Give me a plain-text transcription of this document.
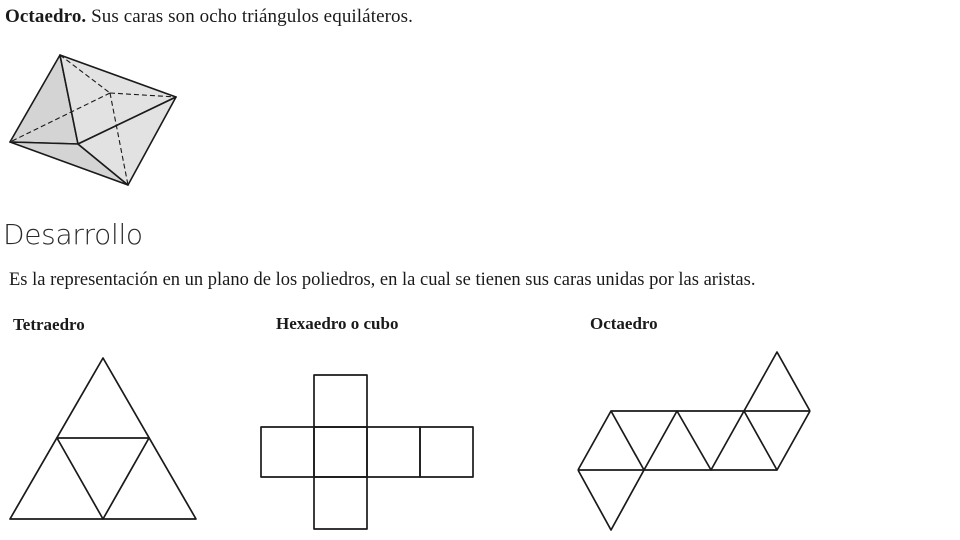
Octaedro. Sus caras son ocho triángulos equiláteros.
Desarrollo
Es la representación en un plano de los poliedros, en la cual se tienen sus caras unidas por las aristas.
Tetraedro	Hexaedro o cubo	Octaedro
